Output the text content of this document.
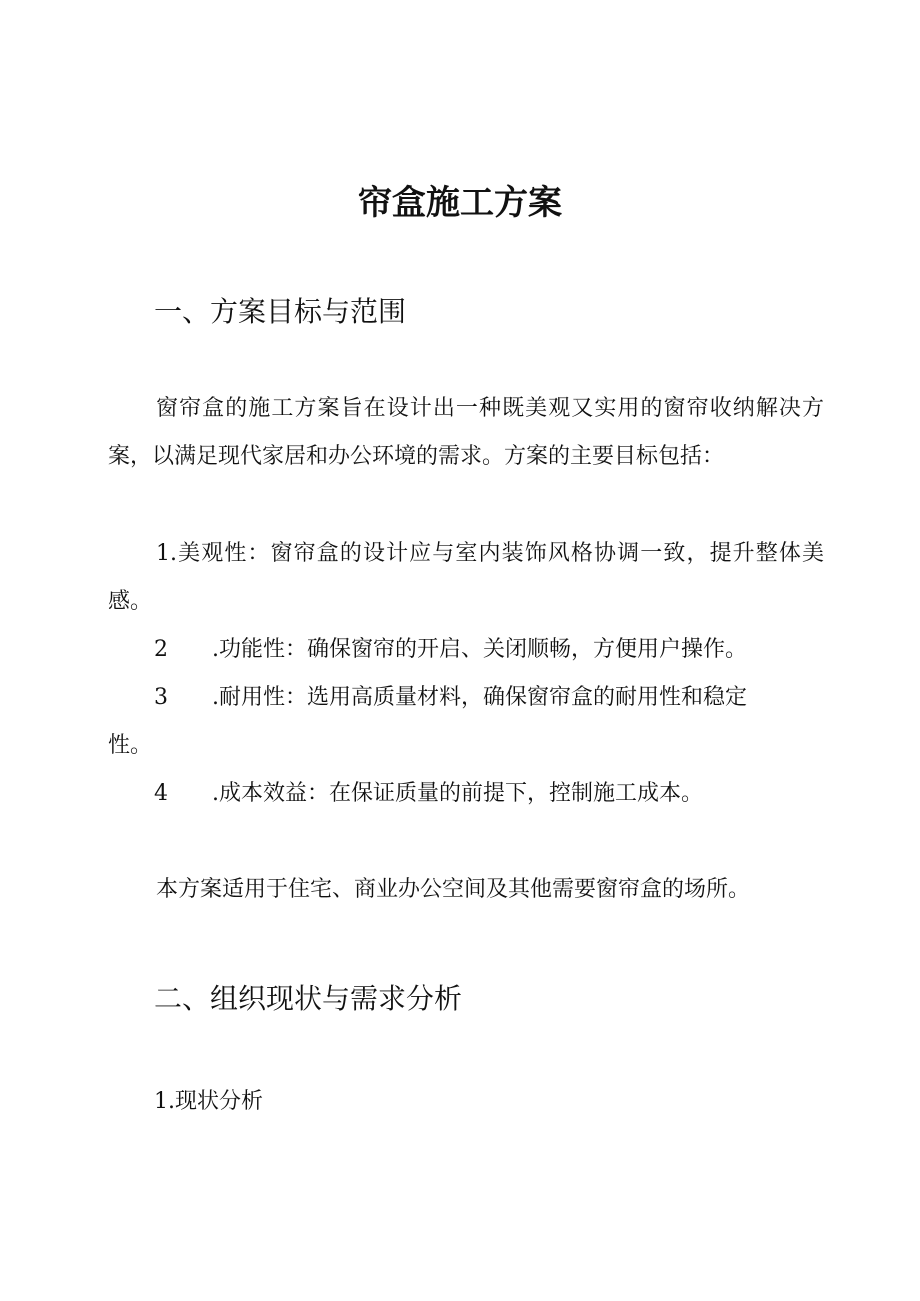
帘盒施工方案
一、方案目标与范围

窗帘盒的施工方案旨在设计出一种既美观又实用的窗帘收纳解决方案，以满足现代家居和办公环境的需求。方案的主要目标包括：

1.美观性：窗帘盒的设计应与室内装饰风格协调一致，提升整体美感。

2 .功能性：确保窗帘的开启、关闭顺畅，方便用户操作。
3 .耐用性：选用高质量材料，确保窗帘盒的耐用性和稳定
性。
4 .成本效益：在保证质量的前提下，控制施工成本。

本方案适用于住宅、商业办公空间及其他需要窗帘盒的场所。

二、组织现状与需求分析
1.现状分析
